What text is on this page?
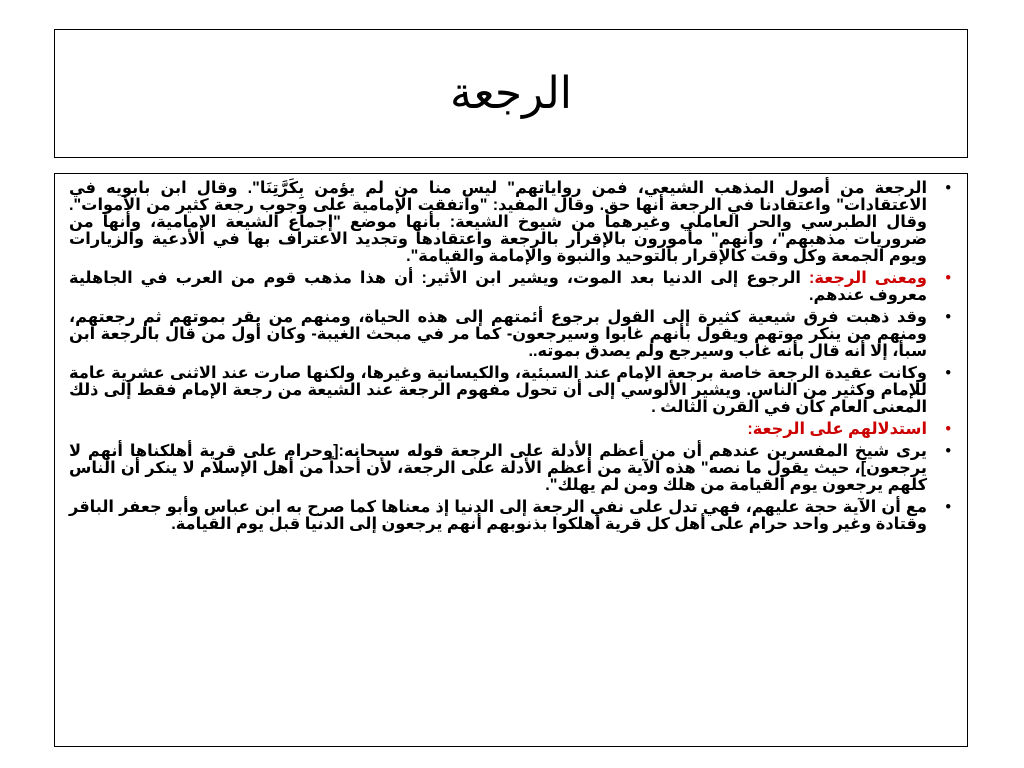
الرجعة
•
الرجعة من أصول المذهب الشيعي، فمن رواياتهم" ليس منا من لم يؤمن بِكَرَّتِنَا". وقال ابن بابويه في الاعتقادات" واعتقادنا في الرجعة أنها حق. وقال المفيد: "واتفقت الإمامية على وجوب رجعة كثير من الأموات". وقال الطبرسي والحر العاملي وغيرهما من شيوخ الشيعة: بأنها موضع "إجماع الشيعة الإمامية، وأنها من ضروريات مذهبهم"، وأنهم" مأمورون بالإقرار بالرجعة واعتقادها وتجديد الاعتراف بها في الأدعية والزيارات ويوم الجمعة وكل وقت كالإقرار بالتوحيد والنبوة والإمامة والقيامة".
•
ومعنى الرجعة: الرجوع إلى الدنيا بعد الموت، ويشير ابن الأثير: أن هذا مذهب قوم من العرب في الجاهلية معروف عندهم.
•
وقد ذهبت فرق شيعية كثيرة إلى القول برجوع أئمتهم إلى هذه الحياة، ومنهم من يقر بموتهم ثم رجعتهم، ومنهم من ينكر موتهم ويقول بأنهم غابوا وسيرجعون- كما مر في مبحث الغيبة- وكان أول من قال بالرجعة ابن سبأ، إلا أنه قال بأنه غاب وسيرجع ولم يصدق بموته..
•
وكانت عقيدة الرجعة خاصة برجعة الإمام عند السبئية، والكيسانية وغيرها، ولكنها صارت عند الاثنى عشرية عامة للإمام وكثير من الناس. ويشير الألوسي إلى أن تحول مفهوم الرجعة عند الشيعة من رجعة الإمام فقط إلى ذلك المعنى العام كان في القرن الثالث .
•
استدلالهم على الرجعة:
•
يرى شيخ المفسرين عندهم أن من أعظم الأدلة على الرجعة قوله سبحانه:[وحرام على قرية أهلكناها أنهم لا يرجعون]، حيث يقول ما نصه" هذه الآية من أعظم الأدلة على الرجعة، لأن أحداً من أهل الإسلام لا ينكر أن الناس كلهم يرجعون يوم القيامة من هلك ومن لم يهلك".
•
مع أن الآية حجة عليهم، فهي تدل على نفي الرجعة إلى الدنيا إذ معناها كما صرح به ابن عباس وأبو جعفر الباقر وقتادة وغير واحد حرام على أهل كل قرية أهلكوا بذنوبهم أنهم يرجعون إلى الدنيا قبل يوم القيامة.
